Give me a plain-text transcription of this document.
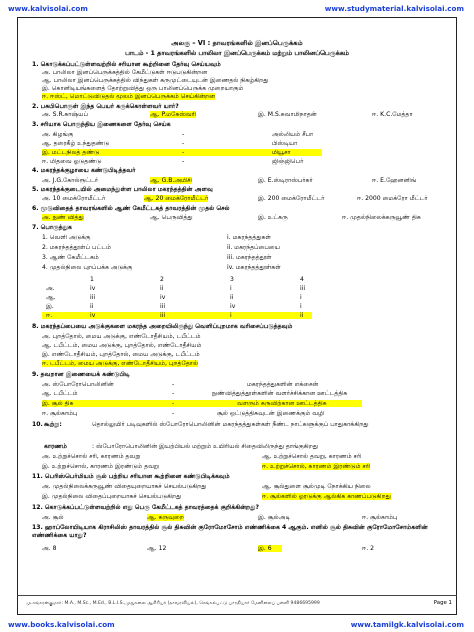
www.kalvisolai.com	www.studymaterial.kalvisolai.com
அலகு – VI : தாவரங்களில் இனப்பெருக்கம்
பாடம் - 1 தாவரங்களில் பாலிலா இனப்பெருக்கம் மற்றும் பாலினப்பெருக்கம்
1. கொடுக்கப்பட்டுள்ளவற்றில் சரியான கூற்றினை தேர்வு செய்யவும்
அ. பாலிலா இனப்பெருக்கத்தில் கேமீட்டுகள் ஈடுபடுகின்றன
ஆ. பாலிலா இனப்பெருக்கத்தில் விந்துகள் கருமுட்டையுடன் இணைதல் நிகழ்கிறது
இ. கொனிடியங்களைத் தோற்றுவித்து ஒரு பாலினப்பெருக்க முறையாகும்
ஈ. ஈஸ்ட், மொட்டுவிடுதல் மூலம் இனப்பெருக்கம் செய்கின்றன
2. பசுபிபொருள் இந்த பெயர் கருக்கொள்ளவர் யார்?
அ. S.R.காஷ்யப்	ஆ. P.மகேஸ்வரி	இ. M.S.சுவாமிநாதன்	ஈ. K.C.மேத்தா
3. சரியாக பொருந்திய இணைகளை தேர்வு செய்க
அ. கிழங்கு	-	அல்லியம் சீபா
ஆ. தரைகீழ் உந்துதண்டு	-	பிஸ்டியா
இ. மட்டநிலத் தண்டு	-	மியூசா
ஈ. மிதவை ஓடுதண்டு	-	ஜிஞ்ஜிபெர்
4. மகரந்தக்குழாயை கண்டுபிடித்தவர்
அ. J.G.கோல்ரூட்டர்	ஆ. G.B.அமிசி	இ. E.ஸ்டிராஸ்பர்கர்	ஈ. E.ஹேனனிங்
5. மகரந்தக்குடையில் அமைந்துள்ள பாலிலா மகரந்தத்தின் அளவு
அ. 10 மைக்ரோமீட்டர்	ஆ. 20 மைக்ரோமீட்டர்	இ. 200 மைக்ரோமீட்டர்	ஈ. 2000 மைக்ரோ மீட்டர்
6. மூடுவிதைத் தாவரங்களில் ஆண் கேமீட்டகத் தாவரத்தின் முதல் செல்
அ. நுண் வித்து	ஆ. பெருவித்து	இ. உட்கரு	ஈ. முதல்நிலைக்கருவூண் திசு
7. பொருத்துக
1. வெளி அடுக்கு	i. மகரந்தத்துகள்
2. மகரந்தத்தூள்ப் பட்டம்	ii. மகரந்தப்பையை
3. ஆண் கேமீட்டகம்	iii. மகரந்தத்தூள்
4. முதல்நிலை புறப்பக்க அடுக்கு	iv. மகரந்தத்தூள்கள்
1	2	3	4
அ.	iv	ii	i	iii
ஆ.	iii	iv	ii	i
இ.	ii	iii	iv	i
ஈ.	iv	iii	i	ii
8. மகரந்தப்பையை அடுக்குகளை மகரந்த அறையிலிருந்து வெளிப்புறமாக வரிசைப்படுத்தவும்
அ. புறத்தோல், மைய அடுக்கு, எண்டோதீசியம், டபீட்டம்
ஆ. டபீட்டம், மைய அடுக்கு, புறத்தோல், எண்டோதீசியம்
இ. எண்டோதீசியம், புறத்தோல், மைய அடுக்கு, டபீட்டம்
ஈ. டபீட்டம், மைய அடுக்கு, எண்டோதீசியம், புறத்தோல்
9. தவறான இணையைக் கண்டுபிடி
அ. ஸ்போரோபொலினின்	-	மகரந்தத்துகளின் எக்சைன்
ஆ. டபீட்டம்	-	நுண்வித்துத்தூள்களின் வளர்ச்சிக்கான ஊட்டத்திசு
இ. சூல் திசு	-	வளரும் கருவிற்கான ஊட்டத்திசு
ஈ. சூல்காம்பு	-	சூல் ஒட்டுத்திசுவுடன் இணைக்கும் வழி
10. கூற்று:	தொல்லுயிர் படிவுகளில் ஸ்போரோபொலினின் மகரந்தத்துகள்கள் நீண்ட நாட்களுக்குப் பாதுகாக்கிறது
காரணம்	: ஸ்போரோபொலினின் இயற்பியல் மற்றும் உயிரியல் சிதைவிலிருந்து தாங்குகிறது
அ. உற்றுச்சொல் சரி, காரணம் தவறு	ஆ. உற்றுச்சொல் தவறு, காரணம் சரி
இ. உற்றுச்சொல், காரணம் இரண்டும் தவறு	ஈ. உற்றுச்சொல், காரணம் இரண்டும் சரி
11. பெரிஸ்பெர்மியம் சூல் பற்றிய சரியான கூற்றினை கண்டுபிடிக்கவும்
அ. முதல்நிலைக்கருவூண் விதையுறையாகச் செயல்படுகிறது	ஆ. சூல்துளை சூல்முடி நோக்கிய நிலை
இ. முதல்நிலை விதைப்புறையாகச் செயல்படுகிறது	ஈ. சூல்களில் ஓரடுக்கு ஆல்கிக காணப்படுகிறது
12. கொடுக்கப்பட்டுள்ளவற்றில் எது பெரு கேமீட்டகத் தாவரத்தைக் குறிக்கின்றது?
அ. சூல்	ஆ. கருவுறை	இ. சூல்அடி	ஈ. சூல்காம்பு
13. ஹாப்லோயிடியாக கிராசிலிஸ் தாவரத்தில் சூல் திசுவின் குரோமோசோம் எண்ணிக்கை 4 ஆகும். எனில் சூல் திசுவின் குரோமோசோம்களின் எண்ணிக்கை யாது?
அ. 8	ஆ. 12	இ. 6	ஈ. 2
மு.சங்கரன்குமார்: M.A., M.Sc., M.Ed., B.L.I.S.,முதுகலை ஆசிரியர் (தாவரவியல்), செங்கல்பட்டு பாரதியார் மேனிலைப் பள்ளி 9486695999	Page 1
www.books.kalvisolai.com	www.tamilgk.kalvisolai.com
